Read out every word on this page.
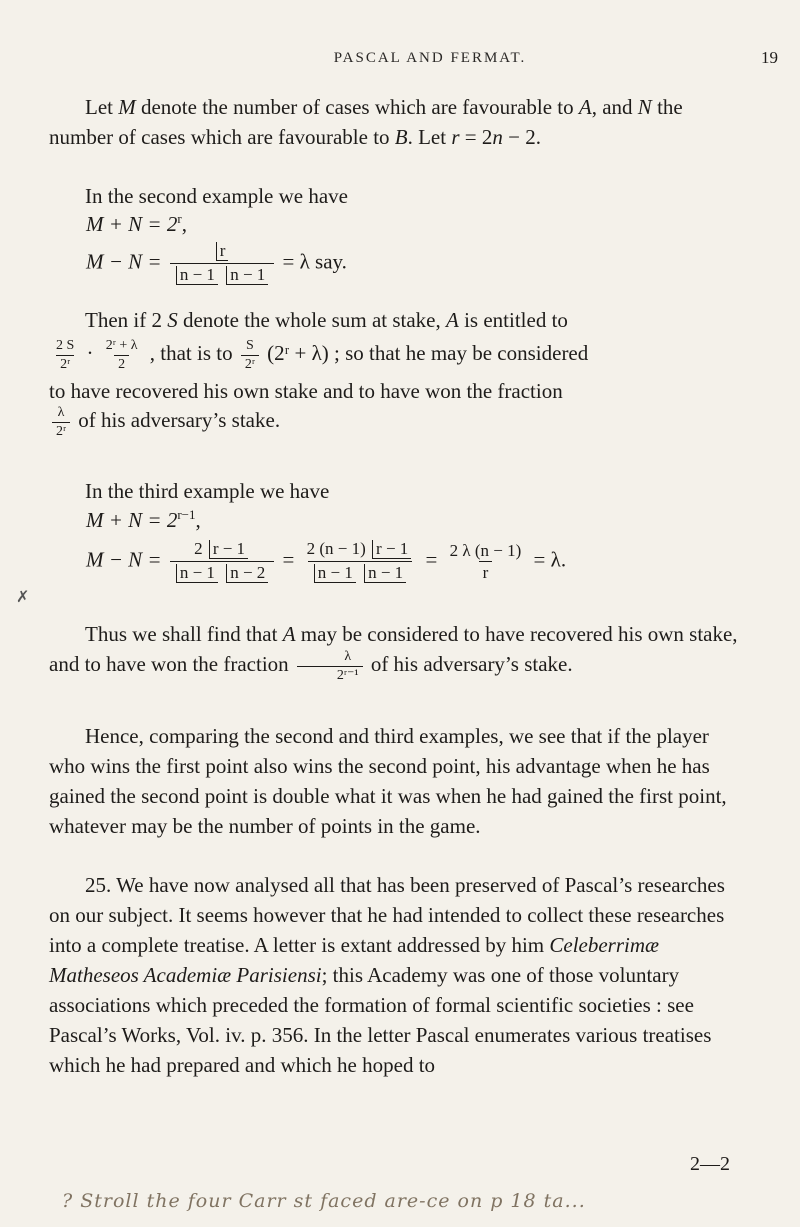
PASCAL AND FERMAT.	19
Let M denote the number of cases which are favourable to A, and N the number of cases which are favourable to B. Let r = 2n − 2.
In the second example we have
$M + N = 2^r$,
$M - N = \frac{r}{n - 1 n - 1} = \lambda$ say.
Then if 2 S denote the whole sum at stake, A is entitled to
$\frac{2 S}{\text{2ʳ}} \cdot \frac{\text{2ʳ + λ}}{2}$ , that is to $\frac{S}{\text{2ʳ}}$ (2ʳ + λ) ; so that he may be considered
to have recovered his own stake and to have won the fraction
$\frac{\lambda}{\text{2ʳ}}$ of his adversary’s stake.
In the third example we have
$M + N = 2^{r-1}$,
✗
$M - N = \frac{2 r - 1}{n - 1 n - 2} = \frac{2 (n - 1) r - 1}{n - 1 n - 1} = \frac{2 \lambda (n - 1)}{r} = \lambda$.
Thus we shall find that A may be considered to have recovered his own stake, and to have won the fraction $\frac{\lambda}{\text{2ʳ⁻¹}}$ of his adversary’s stake.
Hence, comparing the second and third examples, we see that if the player who wins the first point also wins the second point, his advantage when he has gained the second point is double what it was when he had gained the first point, whatever may be the number of points in the game.
25. We have now analysed all that has been preserved of Pascal’s researches on our subject. It seems however that he had intended to collect these researches into a complete treatise. A letter is extant addressed by him Celeberrimæ Matheseos Academiæ Parisiensi; this Academy was one of those voluntary associations which preceded the formation of formal scientific societies : see Pascal’s Works, Vol. iv. p. 356. In the letter Pascal enumerates various treatises which he had prepared and which he hoped to
2—2
? Stroll the four Carr st faced are-ce on p 18 ta...
